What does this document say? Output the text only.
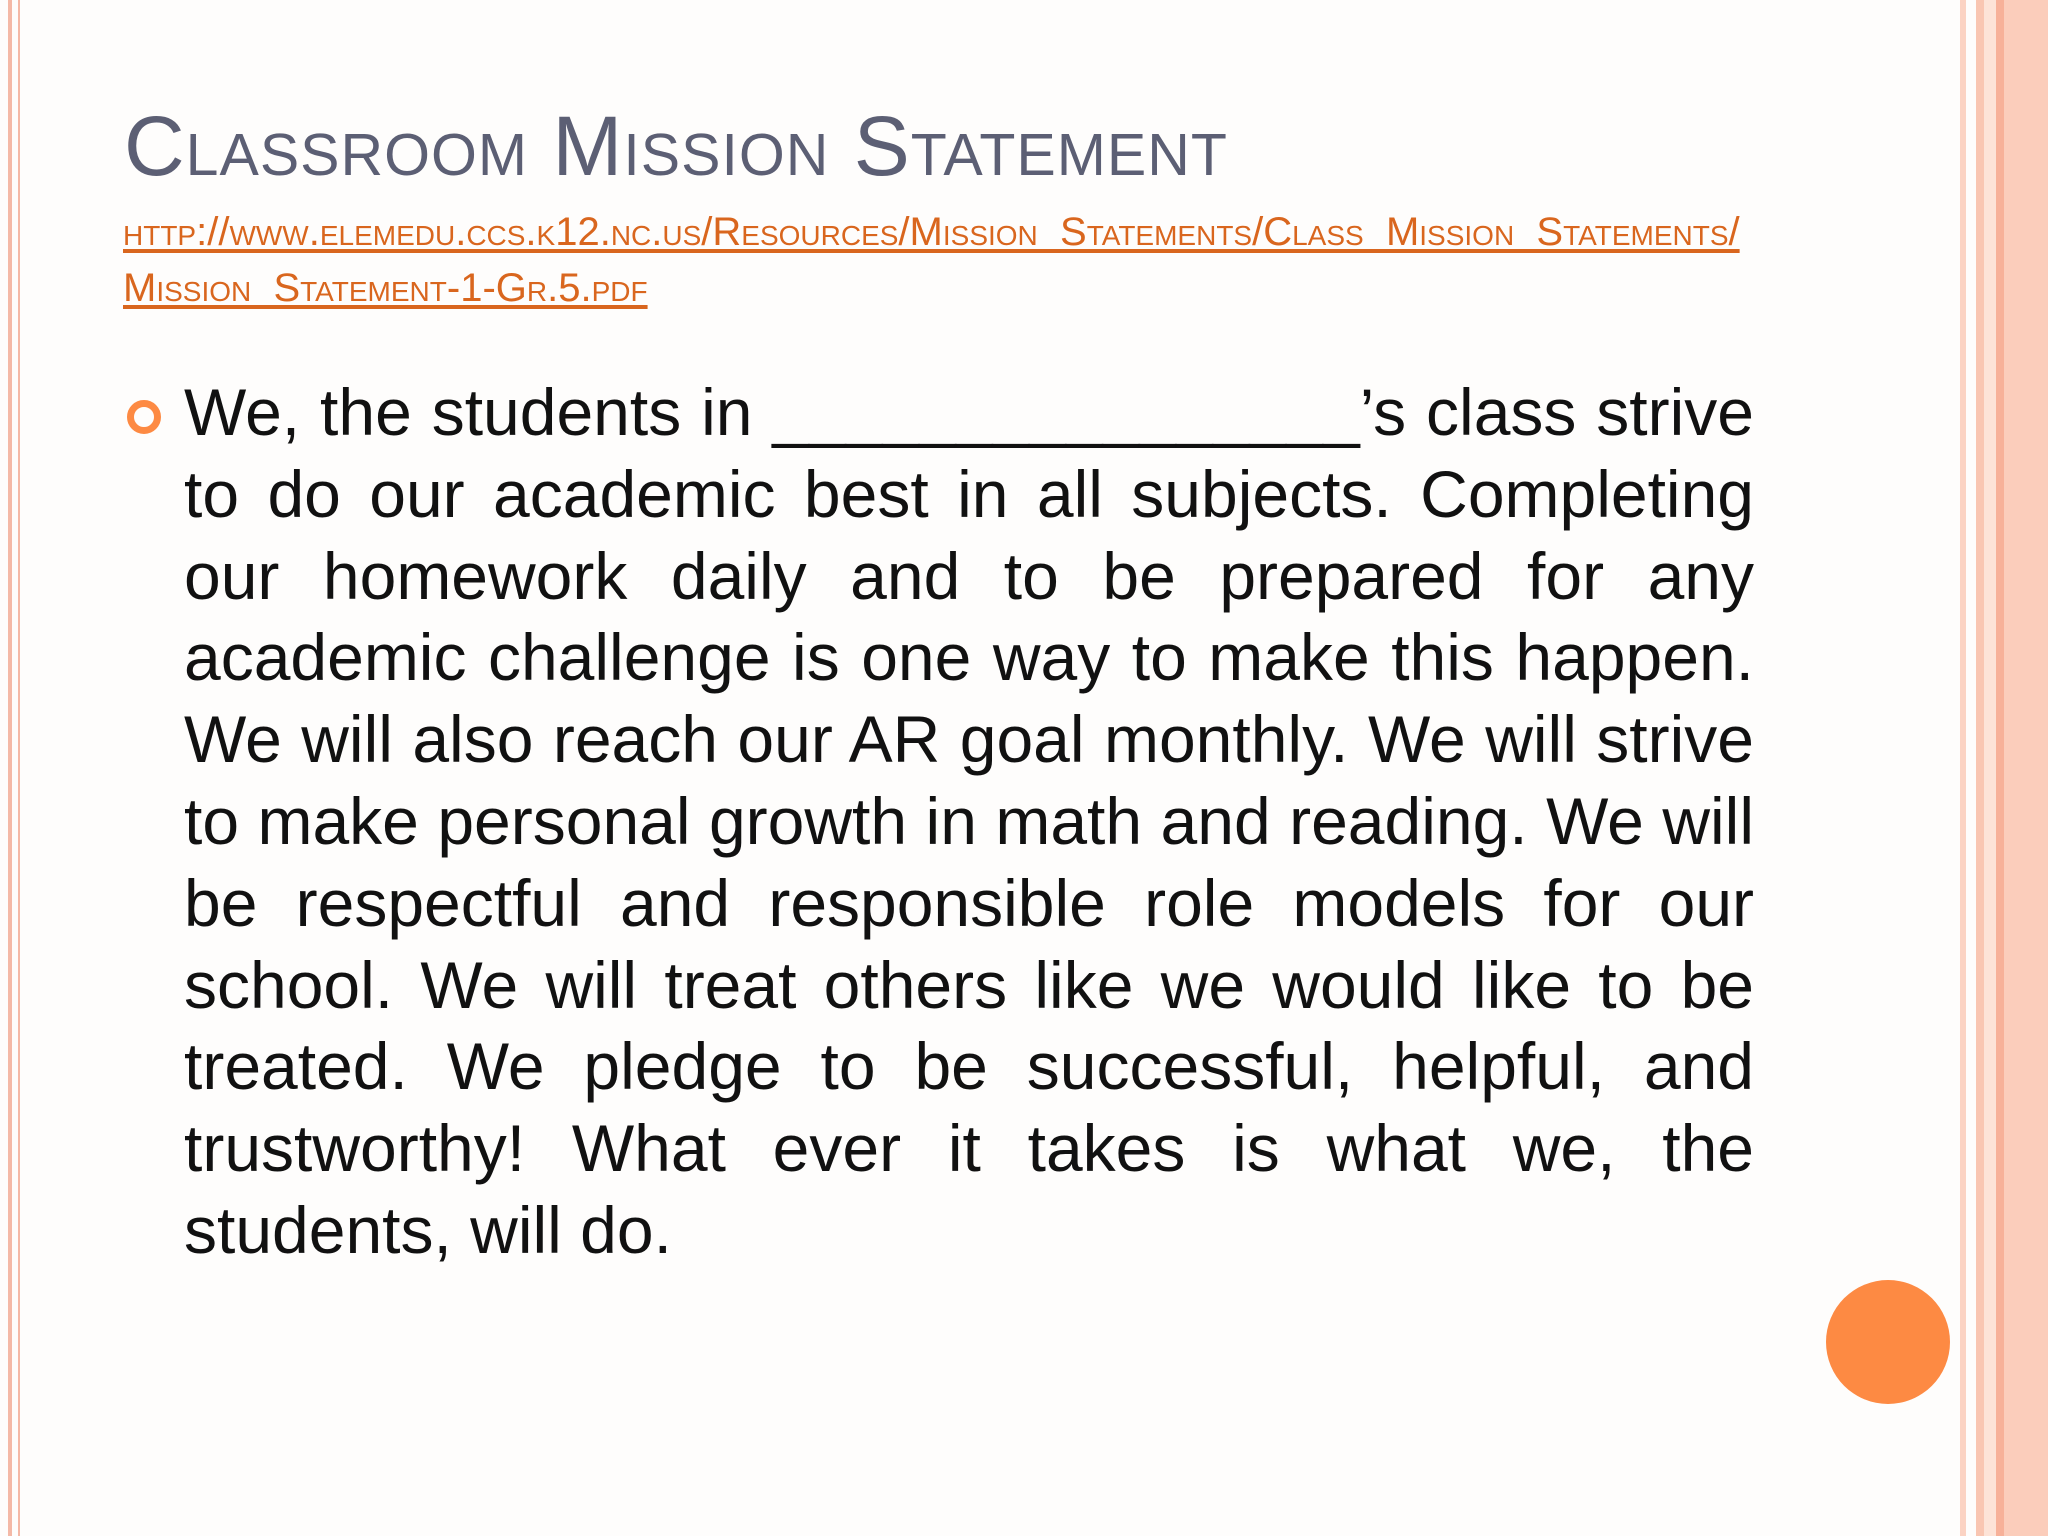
Classroom Mission Statement
http://www.elemedu.ccs.k12.nc.us/Resources/Mission_Statements/Class_Mission_Statements/Mission_Statement-1-Gr.5.pdf

We, the students in ________________’s class strive to do our academic best in all subjects. Completing our homework daily and to be prepared for any academic challenge is one way to make this happen. We will also reach our AR goal monthly. We will strive to make personal growth in math and reading. We will be respectful and responsible role models for our school. We will treat others like we would like to be treated. We pledge to be successful, helpful, and trustworthy! What ever it takes is what we, the students, will do.
